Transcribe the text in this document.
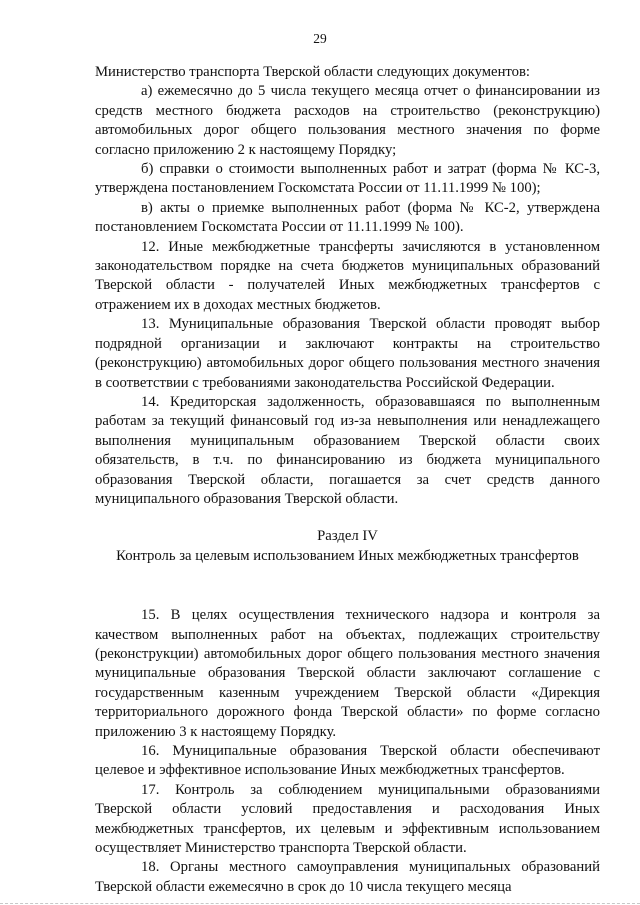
29

Министерство транспорта Тверской области следующих документов:

а) ежемесячно до 5 числа текущего месяца отчет о финансировании из средств местного бюджета расходов на строительство (реконструкцию) автомобильных дорог общего пользования местного значения по форме согласно приложению 2 к настоящему Порядку;

б) справки о стоимости выполненных работ и затрат (форма № КС-3, утверждена постановлением Госкомстата России от 11.11.1999 № 100);

в) акты о приемке выполненных работ (форма № КС-2, утверждена постановлением Госкомстата России от 11.11.1999 № 100).

12. Иные межбюджетные трансферты зачисляются в установленном законодательством порядке на счета бюджетов муниципальных образований Тверской области - получателей Иных межбюджетных трансфертов с отражением их в доходах местных бюджетов.

13. Муниципальные образования Тверской области проводят выбор подрядной организации и заключают контракты на строительство (реконструкцию) автомобильных дорог общего пользования местного значения в соответствии с требованиями законодательства Российской Федерации.

14. Кредиторская задолженность, образовавшаяся по выполненным работам за текущий финансовый год из-за невыполнения или ненадлежащего выполнения муниципальным образованием Тверской области своих обязательств, в т.ч. по финансированию из бюджета муниципального образования Тверской области, погашается за счет средств данного муниципального образования Тверской области.

Раздел IV

Контроль за целевым использованием Иных межбюджетных трансфертов

15. В целях осуществления технического надзора и контроля за качеством выполненных работ на объектах, подлежащих строительству (реконструкции) автомобильных дорог общего пользования местного значения муниципальные образования Тверской области заключают соглашение с государственным казенным учреждением Тверской области «Дирекция территориального дорожного фонда Тверской области» по форме согласно приложению 3 к настоящему Порядку.

16. Муниципальные образования Тверской области обеспечивают целевое и эффективное использование Иных межбюджетных трансфертов.

17. Контроль за соблюдением муниципальными образованиями Тверской области условий предоставления и расходования Иных межбюджетных трансфертов, их целевым и эффективным использованием осуществляет Министерство транспорта Тверской области.

18. Органы местного самоуправления муниципальных образований Тверской области ежемесячно в срок до 10 числа текущего месяца
